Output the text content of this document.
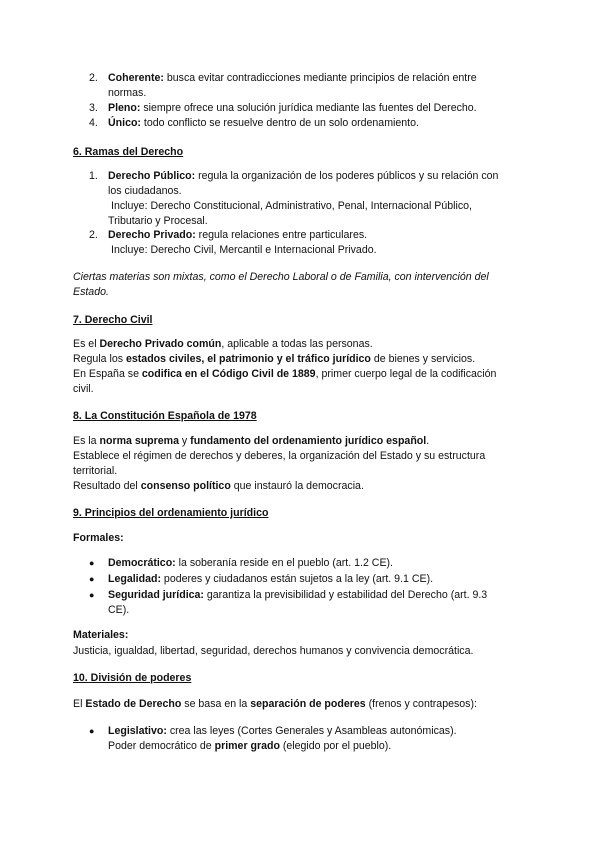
2. Coherente: busca evitar contradicciones mediante principios de relación entre
normas.
3. Pleno: siempre ofrece una solución jurídica mediante las fuentes del Derecho.
4. Único: todo conflicto se resuelve dentro de un solo ordenamiento.
6. Ramas del Derecho
1. Derecho Público: regula la organización de los poderes públicos y su relación con
los ciudadanos.
Incluye: Derecho Constitucional, Administrativo, Penal, Internacional Público,
Tributario y Procesal.
2. Derecho Privado: regula relaciones entre particulares.
Incluye: Derecho Civil, Mercantil e Internacional Privado.
Ciertas materias son mixtas, como el Derecho Laboral o de Familia, con intervención del
Estado.
7. Derecho Civil
Es el Derecho Privado común, aplicable a todas las personas.
Regula los estados civiles, el patrimonio y el tráfico jurídico de bienes y servicios.
En España se codifica en el Código Civil de 1889, primer cuerpo legal de la codificación
civil.
8. La Constitución Española de 1978
Es la norma suprema y fundamento del ordenamiento jurídico español.
Establece el régimen de derechos y deberes, la organización del Estado y su estructura
territorial.
Resultado del consenso político que instauró la democracia.
9. Principios del ordenamiento jurídico
Formales:
● Democrático: la soberanía reside en el pueblo (art. 1.2 CE).
● Legalidad: poderes y ciudadanos están sujetos a la ley (art. 9.1 CE).
● Seguridad jurídica: garantiza la previsibilidad y estabilidad del Derecho (art. 9.3
CE).
Materiales:
Justicia, igualdad, libertad, seguridad, derechos humanos y convivencia democrática.
10. División de poderes
El Estado de Derecho se basa en la separación de poderes (frenos y contrapesos):
● Legislativo: crea las leyes (Cortes Generales y Asambleas autonómicas).
Poder democrático de primer grado (elegido por el pueblo).
